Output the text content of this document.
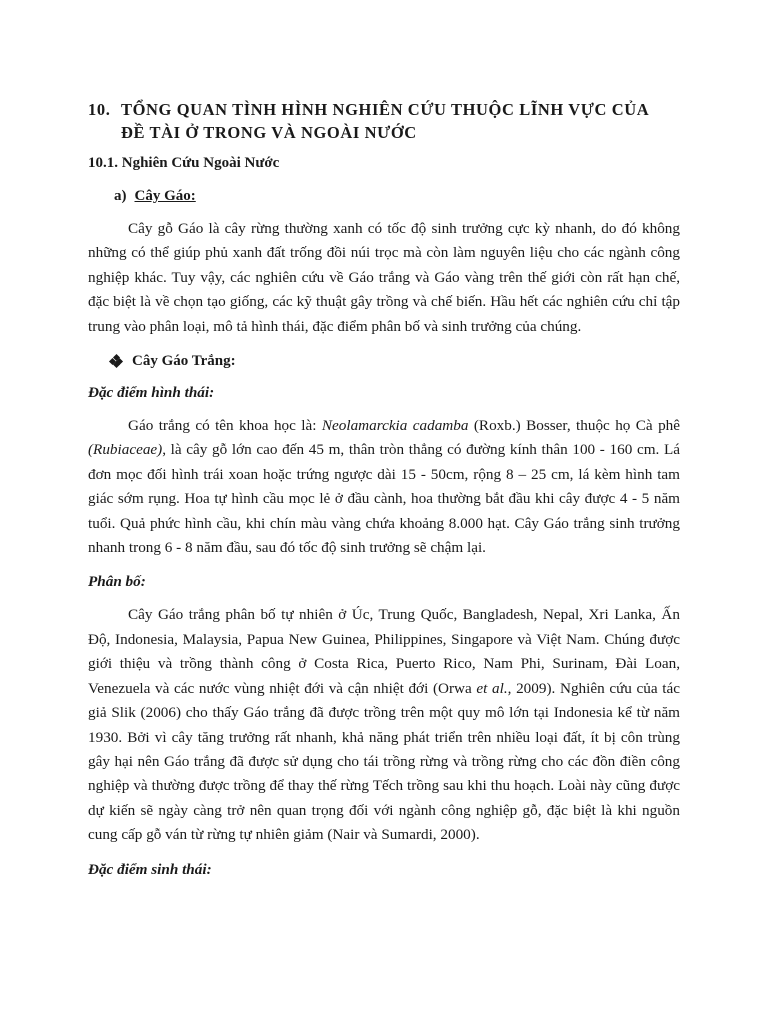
10. TỔNG QUAN TÌNH HÌNH NGHIÊN CỨU THUỘC LĨNH VỰC CỦA
ĐỀ TÀI Ở TRONG VÀ NGOÀI NƯỚC
10.1. Nghiên Cứu Ngoài Nước
a) Cây Gáo:

Cây gỗ Gáo là cây rừng thường xanh có tốc độ sinh trưởng cực kỳ nhanh, do đó không những có thể giúp phủ xanh đất trống đồi núi trọc mà còn làm nguyên liệu cho các ngành công nghiệp khác. Tuy vậy, các nghiên cứu về Gáo trắng và Gáo vàng trên thế giới còn rất hạn chế, đặc biệt là về chọn tạo giống, các kỹ thuật gây trồng và chế biến. Hầu hết các nghiên cứu chỉ tập trung vào phân loại, mô tả hình thái, đặc điểm phân bố và sinh trưởng của chúng.

Cây Gáo Trắng:
Đặc điểm hình thái:

Gáo trắng có tên khoa học là: Neolamarckia cadamba (Roxb.) Bosser, thuộc họ Cà phê (Rubiaceae), là cây gỗ lớn cao đến 45 m, thân tròn thẳng có đường kính thân 100 - 160 cm. Lá đơn mọc đối hình trái xoan hoặc trứng ngược dài 15 - 50cm, rộng 8 – 25 cm, lá kèm hình tam giác sớm rụng. Hoa tự hình cầu mọc lẻ ở đầu cành, hoa thường bắt đầu khi cây được 4 - 5 năm tuổi. Quả phức hình cầu, khi chín màu vàng chứa khoảng 8.000 hạt. Cây Gáo trắng sinh trưởng nhanh trong 6 - 8 năm đầu, sau đó tốc độ sinh trưởng sẽ chậm lại.

Phân bố:

Cây Gáo trắng phân bố tự nhiên ở Úc, Trung Quốc, Bangladesh, Nepal, Xri Lanka, Ấn Độ, Indonesia, Malaysia, Papua New Guinea, Philippines, Singapore và Việt Nam. Chúng được giới thiệu và trồng thành công ở Costa Rica, Puerto Rico, Nam Phi, Surinam, Đài Loan, Venezuela và các nước vùng nhiệt đới và cận nhiệt đới (Orwa et al., 2009). Nghiên cứu của tác giả Slik (2006) cho thấy Gáo trắng đã được trồng trên một quy mô lớn tại Indonesia kể từ năm 1930. Bởi vì cây tăng trưởng rất nhanh, khả năng phát triển trên nhiều loại đất, ít bị côn trùng gây hại nên Gáo trắng đã được sử dụng cho tái trồng rừng và trồng rừng cho các đồn điền công nghiệp và thường được trồng để thay thế rừng Tếch trồng sau khi thu hoạch. Loài này cũng được dự kiến sẽ ngày càng trở nên quan trọng đối với ngành công nghiệp gỗ, đặc biệt là khi nguồn cung cấp gỗ ván từ rừng tự nhiên giảm (Nair và Sumardi, 2000).

Đặc điểm sinh thái:
